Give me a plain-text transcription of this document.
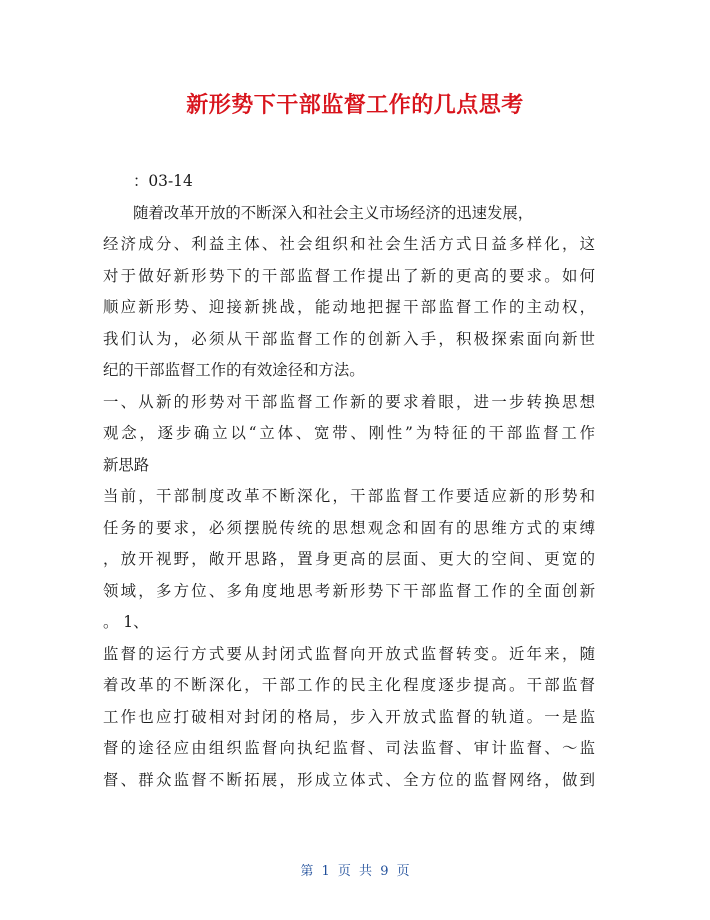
新形势下干部监督工作的几点思考
：03-14
随着改革开放的不断深入和社会主义市场经济的迅速发展，
经济成分、利益主体、社会组织和社会生活方式日益多样化，这
对于做好新形势下的干部监督工作提出了新的更高的要求。如何
顺应新形势、迎接新挑战，能动地把握干部监督工作的主动权，
我们认为，必须从干部监督工作的创新入手，积极探索面向新世
纪的干部监督工作的有效途径和方法。
一、从新的形势对干部监督工作新的要求着眼，进一步转换思想
观念，逐步确立以“立体、宽带、刚性”为特征的干部监督工作
新思路
当前，干部制度改革不断深化，干部监督工作要适应新的形势和
任务的要求，必须摆脱传统的思想观念和固有的思维方式的束缚
，放开视野，敞开思路，置身更高的层面、更大的空间、更宽的
领域，多方位、多角度地思考新形势下干部监督工作的全面创新
。 1、
监督的运行方式要从封闭式监督向开放式监督转变。近年来，随
着改革的不断深化，干部工作的民主化程度逐步提高。干部监督
工作也应打破相对封闭的格局，步入开放式监督的轨道。一是监
督的途径应由组织监督向执纪监督、司法监督、审计监督、～监
督、群众监督不断拓展，形成立体式、全方位的监督网络，做到
第 1 页 共 9 页
